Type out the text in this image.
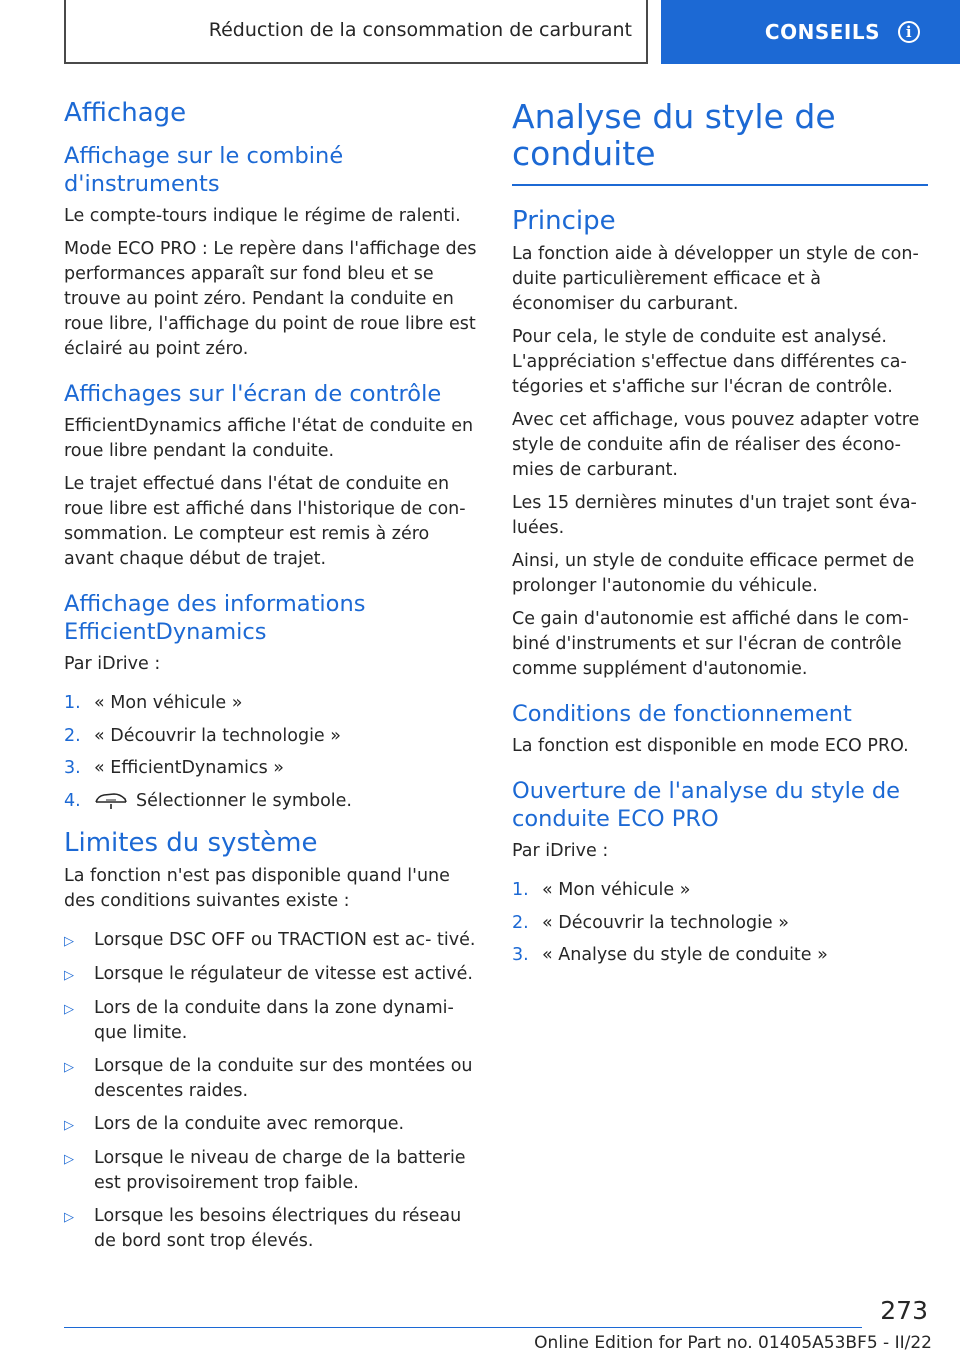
Réduction de la consommation de carburant	CONSEILS	i
Affichage
Affichage sur le combiné d'instruments

Le compte-tours indique le régime de ralenti.

Mode ECO PRO : Le repère dans l'affichage des performances apparaît sur fond bleu et se trouve au point zéro. Pendant la conduite en roue libre, l'affichage du point de roue libre est éclairé au point zéro.

Affichages sur l'écran de contrôle

EfficientDynamics affiche l'état de conduite en roue libre pendant la conduite.

Le trajet effectué dans l'état de conduite en roue libre est affiché dans l'historique de con‐ sommation. Le compteur est remis à zéro avant chaque début de trajet.

Affichage des informations EfficientDynamics

Par iDrive :

1. « Mon véhicule »
2. « Découvrir la technologie »
3. « EfficientDynamics »
4.	Sélectionner le symbole.
Limites du système

La fonction n'est pas disponible quand l'une des conditions suivantes existe :

▷	Lorsque DSC OFF ou TRACTION est ac‐ tivé.
▷	Lorsque le régulateur de vitesse est activé.
▷	Lors de la conduite dans la zone dynami‐ que limite.
▷	Lorsque de la conduite sur des montées ou descentes raides.
▷	Lors de la conduite avec remorque.
▷	Lorsque le niveau de charge de la batterie est provisoirement trop faible.
▷	Lorsque les besoins électriques du réseau de bord sont trop élevés.
Analyse du style de conduite
Principe

La fonction aide à développer un style de con‐ duite particulièrement efficace et à économiser du carburant.

Pour cela, le style de conduite est analysé. L'appréciation s'effectue dans différentes ca‐ tégories et s'affiche sur l'écran de contrôle.

Avec cet affichage, vous pouvez adapter votre style de conduite afin de réaliser des écono‐ mies de carburant.

Les 15 dernières minutes d'un trajet sont éva‐ luées.

Ainsi, un style de conduite efficace permet de prolonger l'autonomie du véhicule.

Ce gain d'autonomie est affiché dans le com‐ biné d'instruments et sur l'écran de contrôle comme supplément d'autonomie.

Conditions de fonctionnement

La fonction est disponible en mode ECO PRO.

Ouverture de l'analyse du style de conduite ECO PRO

Par iDrive :

1. « Mon véhicule »
2. « Découvrir la technologie »
3. « Analyse du style de conduite »
273
Online Edition for Part no. 01405A53BF5 - II/22
